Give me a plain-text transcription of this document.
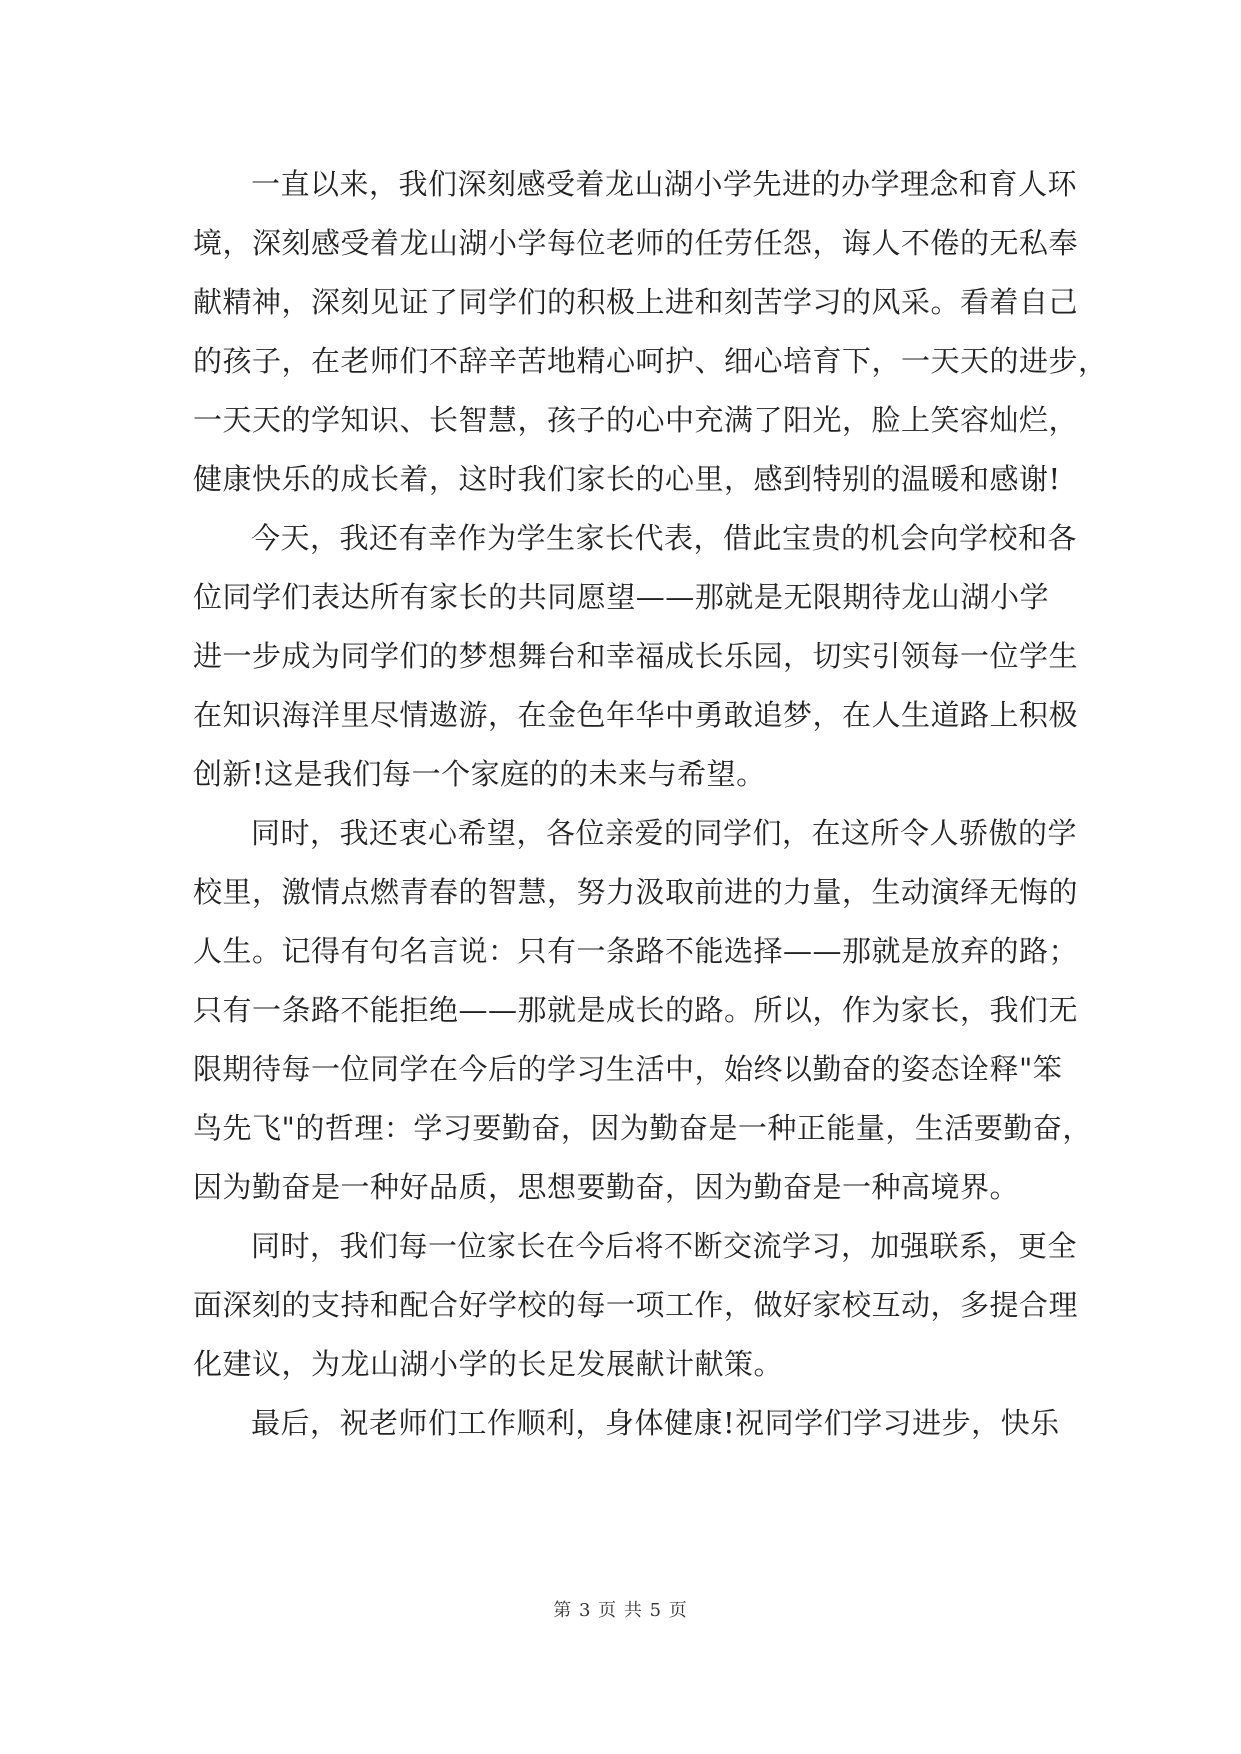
一直以来，我们深刻感受着龙山湖小学先进的办学理念和育人环
境，深刻感受着龙山湖小学每位老师的任劳任怨，诲人不倦的无私奉
献精神，深刻见证了同学们的积极上进和刻苦学习的风采。看着自己
的孩子，在老师们不辞辛苦地精心呵护、细心培育下，一天天的进步，
一天天的学知识、长智慧，孩子的心中充满了阳光，脸上笑容灿烂，
健康快乐的成长着，这时我们家长的心里，感到特别的温暖和感谢!
今天，我还有幸作为学生家长代表，借此宝贵的机会向学校和各
位同学们表达所有家长的共同愿望——那就是无限期待龙山湖小学
进一步成为同学们的梦想舞台和幸福成长乐园，切实引领每一位学生
在知识海洋里尽情遨游，在金色年华中勇敢追梦，在人生道路上积极
创新!这是我们每一个家庭的的未来与希望。
同时，我还衷心希望，各位亲爱的同学们，在这所令人骄傲的学
校里，激情点燃青春的智慧，努力汲取前进的力量，生动演绎无悔的
人生。记得有句名言说：只有一条路不能选择——那就是放弃的路；
只有一条路不能拒绝——那就是成长的路。所以，作为家长，我们无
限期待每一位同学在今后的学习生活中，始终以勤奋的姿态诠释"笨
鸟先飞"的哲理：学习要勤奋，因为勤奋是一种正能量，生活要勤奋，
因为勤奋是一种好品质，思想要勤奋，因为勤奋是一种高境界。
同时，我们每一位家长在今后将不断交流学习，加强联系，更全
面深刻的支持和配合好学校的每一项工作，做好家校互动，多提合理
化建议，为龙山湖小学的长足发展献计献策。
最后，祝老师们工作顺利，身体健康!祝同学们学习进步，快乐
第 3 页 共 5 页
